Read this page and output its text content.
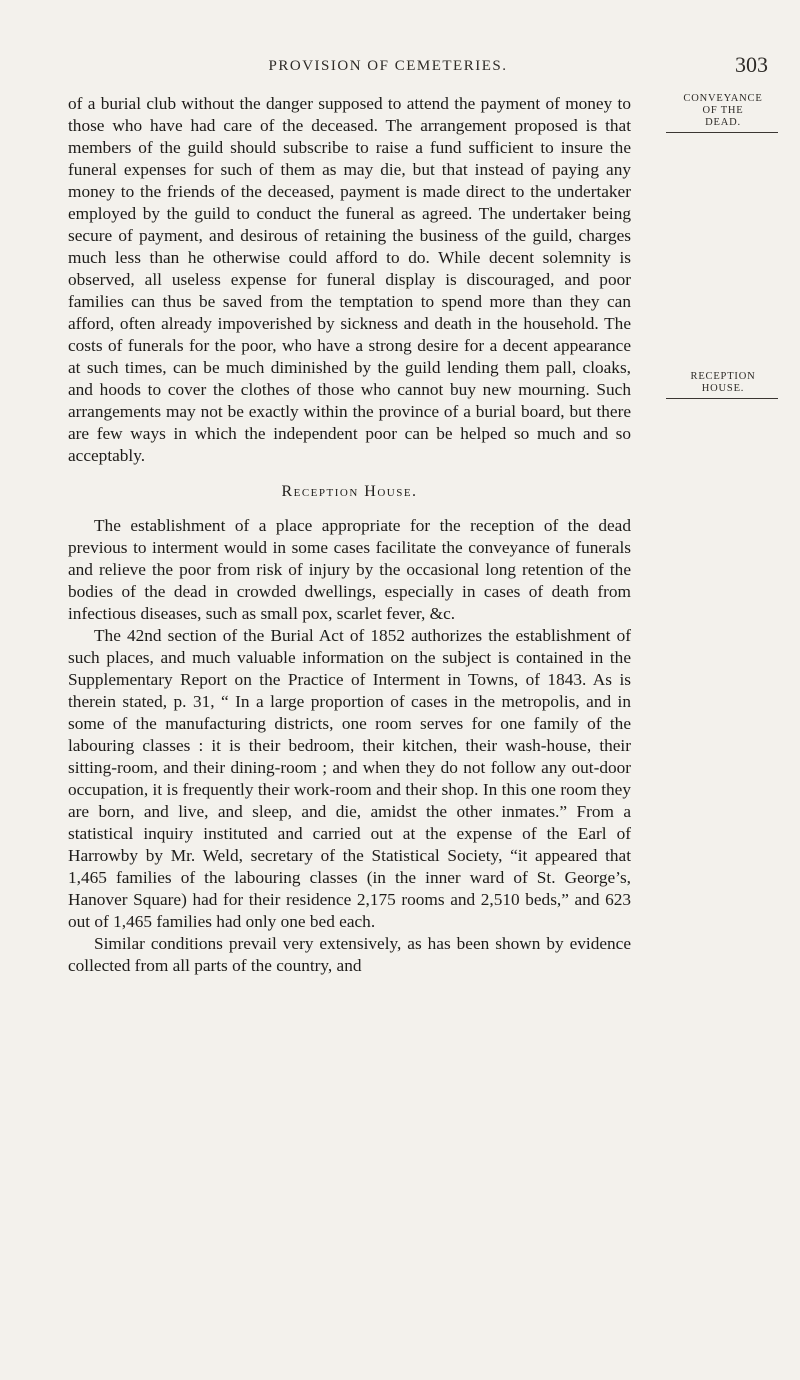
PROVISION OF CEMETERIES.	303
CONVEYANCE
OF THE
DEAD.
RECEPTION
HOUSE.

of a burial club without the danger supposed to attend the payment of money to those who have had care of the deceased. The arrangement proposed is that members of the guild should subscribe to raise a fund sufficient to insure the funeral expenses for such of them as may die, but that instead of paying any money to the friends of the deceased, payment is made direct to the undertaker employed by the guild to conduct the funeral as agreed. The undertaker being secure of payment, and desirous of retaining the business of the guild, charges much less than he otherwise could afford to do. While decent solemnity is observed, all useless expense for funeral display is discouraged, and poor families can thus be saved from the temptation to spend more than they can afford, often already impoverished by sickness and death in the household. The costs of funerals for the poor, who have a strong desire for a decent appearance at such times, can be much diminished by the guild lending them pall, cloaks, and hoods to cover the clothes of those who cannot buy new mourning. Such arrangements may not be exactly within the province of a burial board, but there are few ways in which the independent poor can be helped so much and so acceptably.

Reception House.

The establishment of a place appropriate for the reception of the dead previous to interment would in some cases facilitate the conveyance of funerals and relieve the poor from risk of injury by the occasional long retention of the bodies of the dead in crowded dwellings, especially in cases of death from infectious diseases, such as small pox, scarlet fever, &c.

The 42nd section of the Burial Act of 1852 authorizes the establishment of such places, and much valuable information on the subject is contained in the Supplementary Report on the Practice of Interment in Towns, of 1843. As is therein stated, p. 31, “ In a large proportion of cases in the metropolis, and in some of the manufacturing districts, one room serves for one family of the labouring classes : it is their bedroom, their kitchen, their wash-house, their sitting-room, and their dining-room ; and when they do not follow any out-door occupation, it is frequently their work-room and their shop. In this one room they are born, and live, and sleep, and die, amidst the other inmates.” From a statistical inquiry instituted and carried out at the expense of the Earl of Harrowby by Mr. Weld, secretary of the Statistical Society, “it appeared that 1,465 families of the labouring classes (in the inner ward of St. George’s, Hanover Square) had for their residence 2,175 rooms and 2,510 beds,” and 623 out of 1,465 families had only one bed each.

Similar conditions prevail very extensively, as has been shown by evidence collected from all parts of the country, and
